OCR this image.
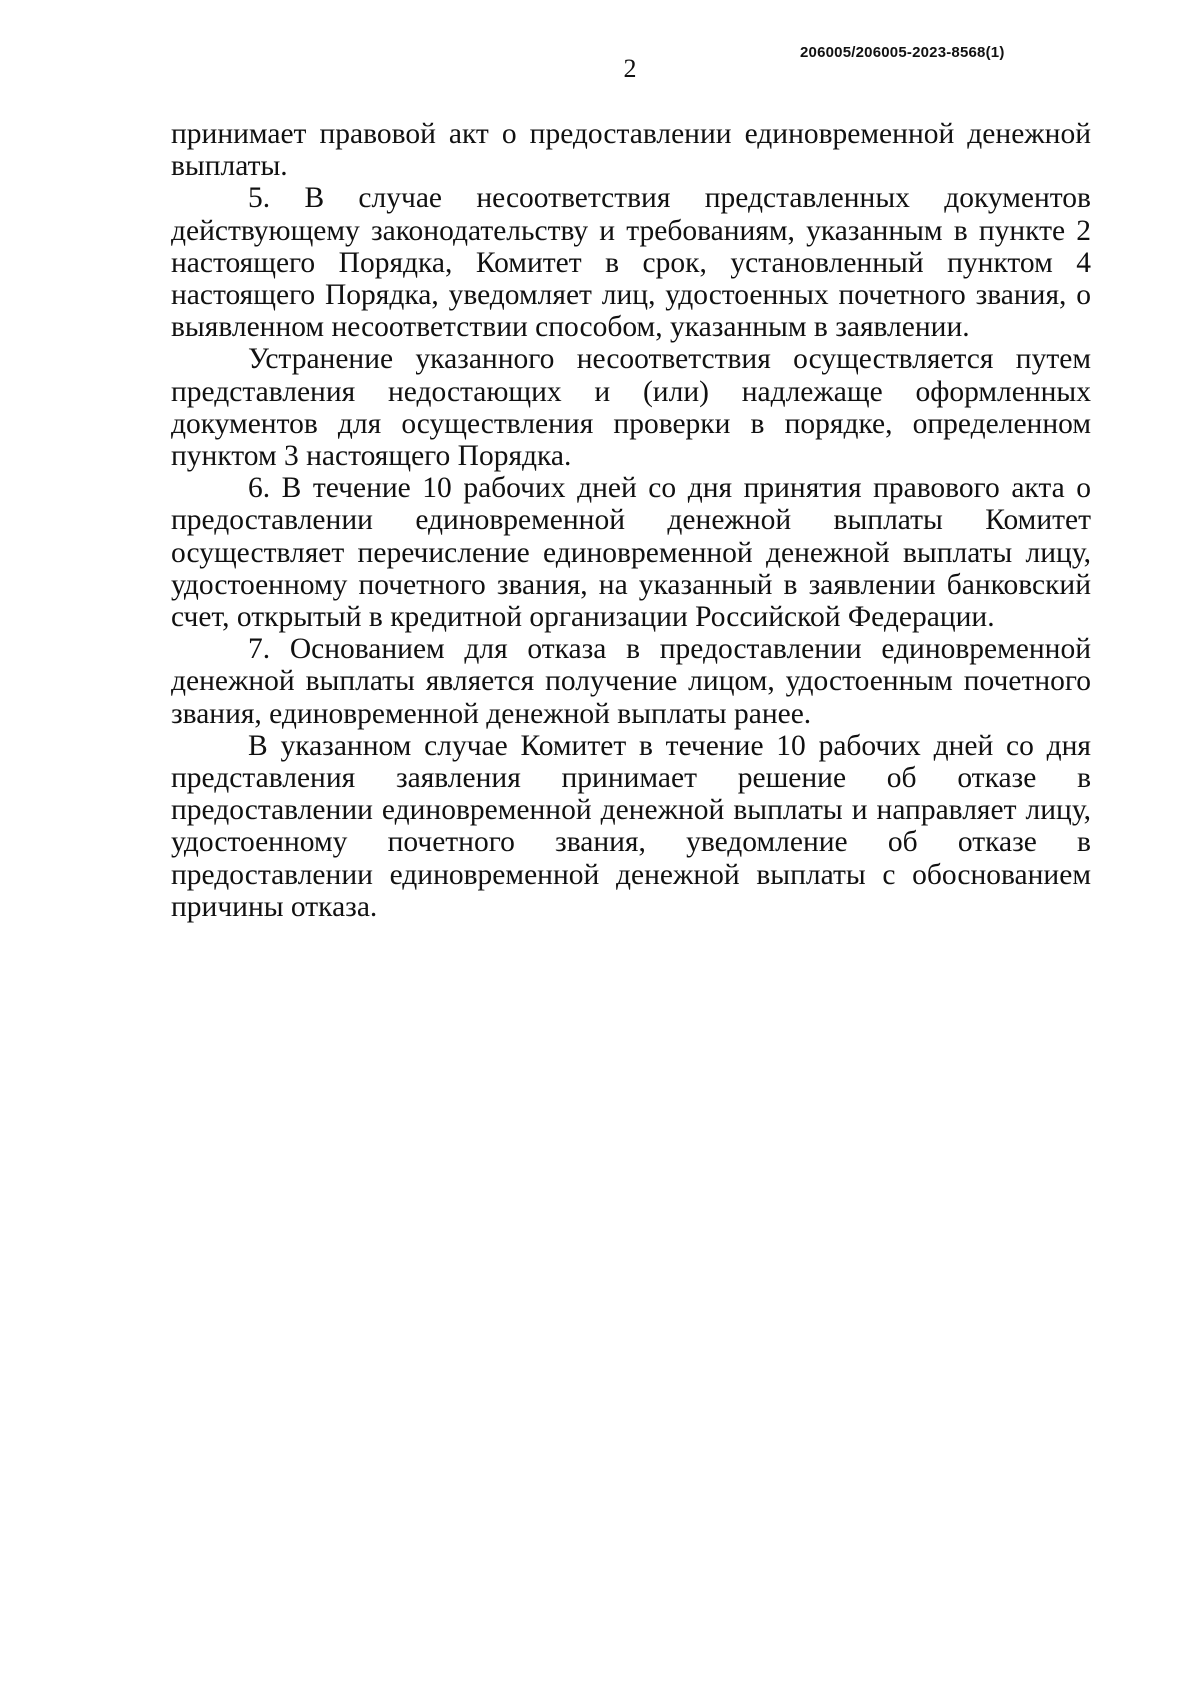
2
206005/206005-2023-8568(1)

принимает правовой акт о предоставлении единовременной денежной выплаты.

5. В случае несоответствия представленных документов действующему законодательству и требованиям, указанным в пункте 2 настоящего Порядка, Комитет в срок, установленный пунктом 4 настоящего Порядка, уведомляет лиц, удостоенных почетного звания, о выявленном несоответствии способом, указанным в заявлении.

Устранение указанного несоответствия осуществляется путем представления недостающих и (или) надлежаще оформленных документов для осуществления проверки в порядке, определенном пунктом 3 настоящего Порядка.

6. В течение 10 рабочих дней со дня принятия правового акта о предоставлении единовременной денежной выплаты Комитет осуществляет перечисление единовременной денежной выплаты лицу, удостоенному почетного звания, на указанный в заявлении банковский счет, открытый в кредитной организации Российской Федерации.

7. Основанием для отказа в предоставлении единовременной денежной выплаты является получение лицом, удостоенным почетного звания, единовременной денежной выплаты ранее.

В указанном случае Комитет в течение 10 рабочих дней со дня представления заявления принимает решение об отказе в предоставлении единовременной денежной выплаты и направляет лицу, удостоенному почетного звания, уведомление об отказе в предоставлении единовременной денежной выплаты с обоснованием причины отказа.
